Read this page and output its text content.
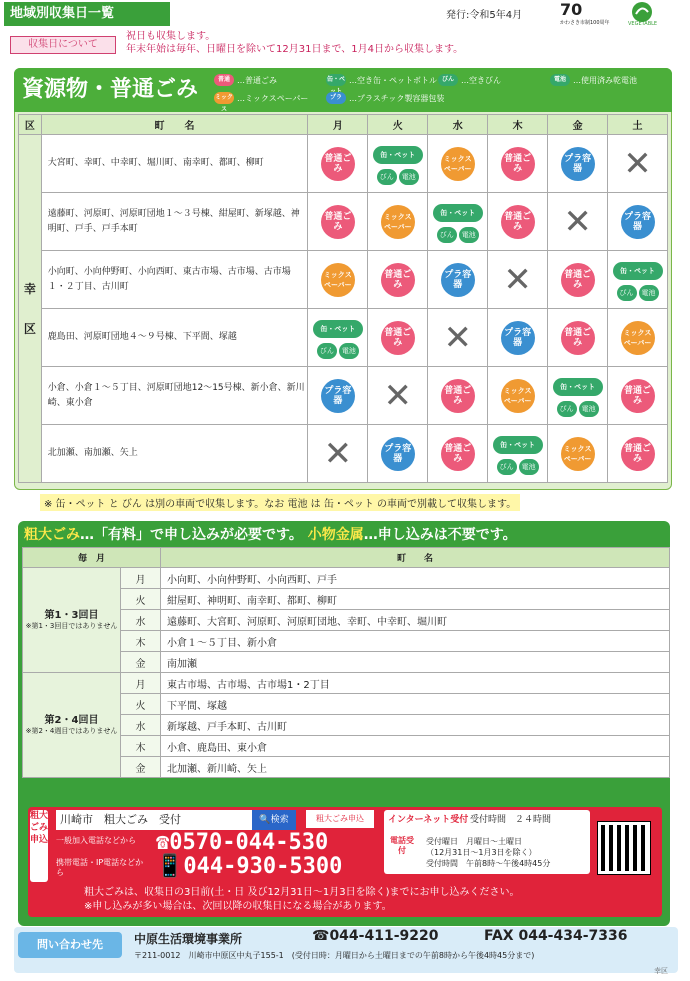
地域別収集日一覧	発行:令和5年4月 70
かわさき市制100周年	VEGETABLE
収集日について
祝日も収集します。
年末年始は毎年、日曜日を除いて12月31日まで、1月4日から収集します。
資源物・普通ごみ	普通 …普通ごみ	缶・ペ …空き缶・ペットボトル びん …空きびん	電池 …使用済み乾電池
ミックス
…ミックスペーパー	プラ …プラスチック製容器包装
区	町　　名	月	火	水	木	金	土
幸
区	大宮町、幸町、中幸町、堀川町、南幸町、都町、柳町	普通ごみ	缶・ペット
びん 電池	ミックスペーパー	普通ごみ	プラ容器	✕
	遠藤町、河原町、河原町団地１～３号棟、紺屋町、新塚越、神明町、戸手、戸手本町	普通ごみ	ミックスペーパー	缶・ペット
びん 電池	普通ごみ	✕	プラ容器
	小向町、小向仲野町、小向西町、東古市場、古市場、古市場１・２丁目、古川町	ミックスペーパー	普通ごみ	プラ容器	✕	普通ごみ	缶・ペット
びん 電池
	鹿島田、河原町団地４～９号棟、下平間、塚越	缶・ペット
びん 電池	普通ごみ	✕	プラ容器	普通ごみ	ミックスペーパー
	小倉、小倉１～５丁目、河原町団地12～15号棟、新小倉、新川崎、東小倉	プラ容器	✕	普通ごみ	ミックスペーパー	缶・ペット
びん 電池	普通ごみ
	北加瀬、南加瀬、矢上	✕	プラ容器	普通ごみ	缶・ペット
びん 電池	ミックスペーパー	普通ごみ
※ 缶・ペット と びん は別の車両で収集します。なお 電池 は 缶・ペット の車両で別載して収集します。
粗大ごみ…「有料」で申し込みが必要です。 小物金属…申し込みは不要です。
毎　月		町　　名

第1・3回目
※第1・3回目ではありません	月	小向町、小向仲野町、小向西町、戸手
	火	紺屋町、神明町、南幸町、都町、柳町
	水	遠藤町、大宮町、河原町、河原町団地、幸町、中幸町、堀川町
	木	小倉１～５丁目、新小倉
	金	南加瀬

第2・4回目
※第2・4週目ではありません	月	東古市場、古市場、古市場1・2丁目
	火	下平間、塚越
	水	新塚越、戸手本町、古川町
	木	小倉、鹿島田、東小倉
	金	北加瀬、新川崎、矢上
粗大ごみ申込
川崎市　粗大ごみ　受付	🔍検索	粗大ごみ申込
一般加入電話などから
携帯電話・IP電話などから
☎0570-044-530
📱044-930-5300
インターネット受付 受付時間　２４時間
電話受付
受付曜日　月曜日～土曜日
（12月31日～1月3日を除く）
受付時間　午前8時～午後4時45分
粗大ごみは、収集日の3日前(土・日 及び12月31日～1月3日を除く)までにお申し込みください。
※申し込みが多い場合は、次回以降の収集日になる場合があります。
問い合わせ先	中原生活環境事業所	☎044-411-9220	FAX 044-434-7336
〒211-0012　川崎市中原区中丸子155-1　(受付日時：月曜日から土曜日までの午前8時から午後4時45分まで)
幸区
